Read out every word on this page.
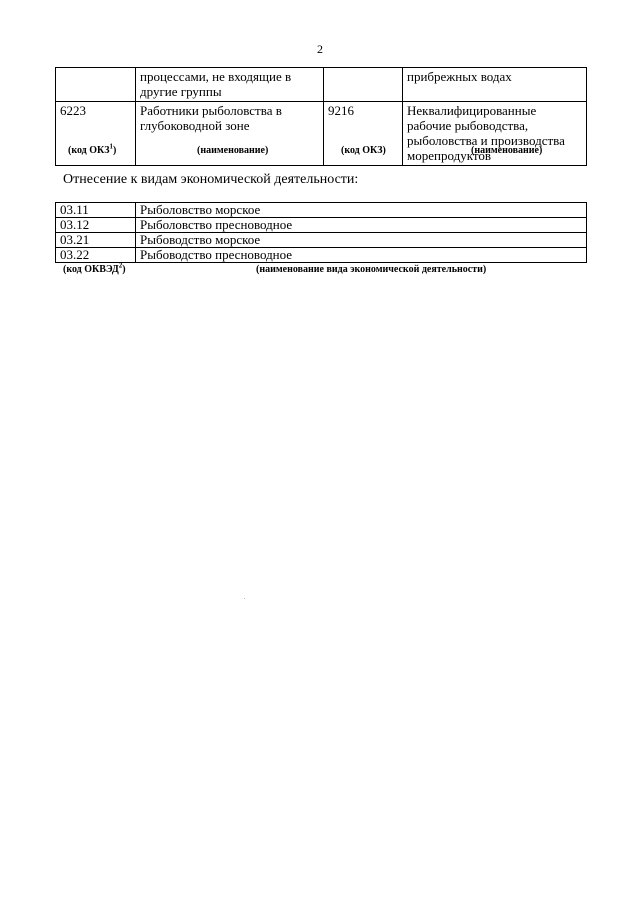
2
	процессами, не входящие в другие группы		прибрежных водах
6223	Работники рыболовства в глубоководной зоне	9216	Неквалифицированные рабочие рыбоводства, рыболовства и производства морепродуктов
(код ОКЗ$^1$)	(наименование)	(код ОКЗ)	(наименование)
Отнесение к видам экономической деятельности:
03.11	Рыболовство морское
03.12	Рыболовство пресноводное
03.21	Рыбоводство морское
03.22	Рыбоводство пресноводное
(код ОКВЭД$^2$)	(наименование вида экономической деятельности)
